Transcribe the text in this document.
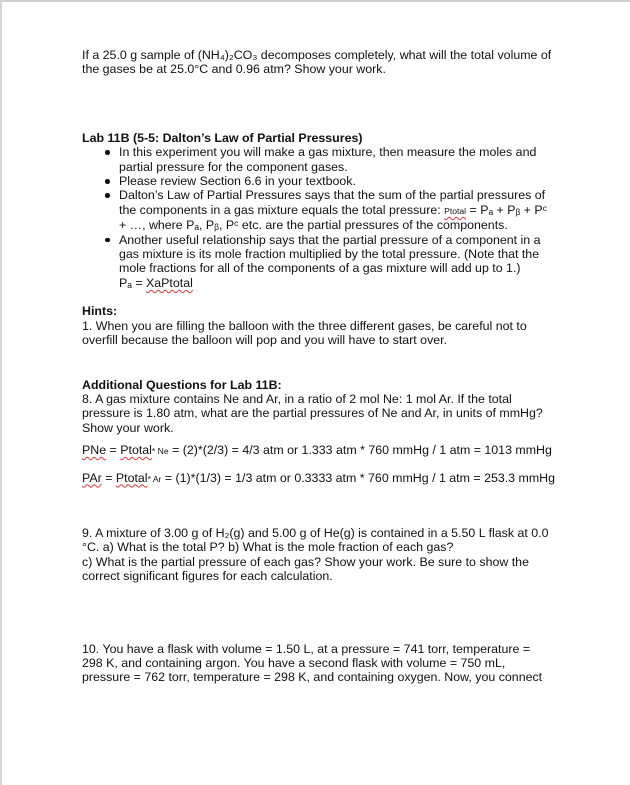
If a 25.0 g sample of (NH₄)₂CO₃ decomposes completely, what will the total volume of

the gases be at 25.0°C and 0.96 atm? Show your work.

Lab 11B (5-5: Dalton’s Law of Partial Pressures)

In this experiment you will make a gas mixture, then measure the moles and
partial pressure for the component gases.
Please review Section 6.6 in your textbook.
Dalton’s Law of Partial Pressures says that the sum of the partial pressures of
the components in a gas mixture equals the total pressure: Ptotal = Pₐ + Pᵦ + Pᶜ
+ …, where Pₐ, Pᵦ, Pᶜ etc. are the partial pressures of the components.
Another useful relationship says that the partial pressure of a component in a
gas mixture is its mole fraction multiplied by the total pressure. (Note that the
mole fractions for all of the components of a gas mixture will add up to 1.)
Pₐ = XaPtotal

Hints:

1. When you are filling the balloon with the three different gases, be careful not to

overfill because the balloon will pop and you will have to start over.

Additional Questions for Lab 11B:

8. A gas mixture contains Ne and Ar, in a ratio of 2 mol Ne: 1 mol Ar. If the total

pressure is 1.80 atm, what are the partial pressures of Ne and Ar, in units of mmHg?

Show your work.

PNe = Ptotal* Ne = (2)*(2/3) = 4/3 atm or 1.333 atm * 760 mmHg / 1 atm = 1013 mmHg

PAr = Ptotal* Ar = (1)*(1/3) = 1/3 atm or 0.3333 atm * 760 mmHg / 1 atm = 253.3 mmHg

9. A mixture of 3.00 g of H₂(g) and 5.00 g of He(g) is contained in a 5.50 L flask at 0.0

°C. a) What is the total P? b) What is the mole fraction of each gas?

c) What is the partial pressure of each gas? Show your work. Be sure to show the

correct significant figures for each calculation.

10. You have a flask with volume = 1.50 L, at a pressure = 741 torr, temperature =

298 K, and containing argon. You have a second flask with volume = 750 mL,

pressure = 762 torr, temperature = 298 K, and containing oxygen. Now, you connect
